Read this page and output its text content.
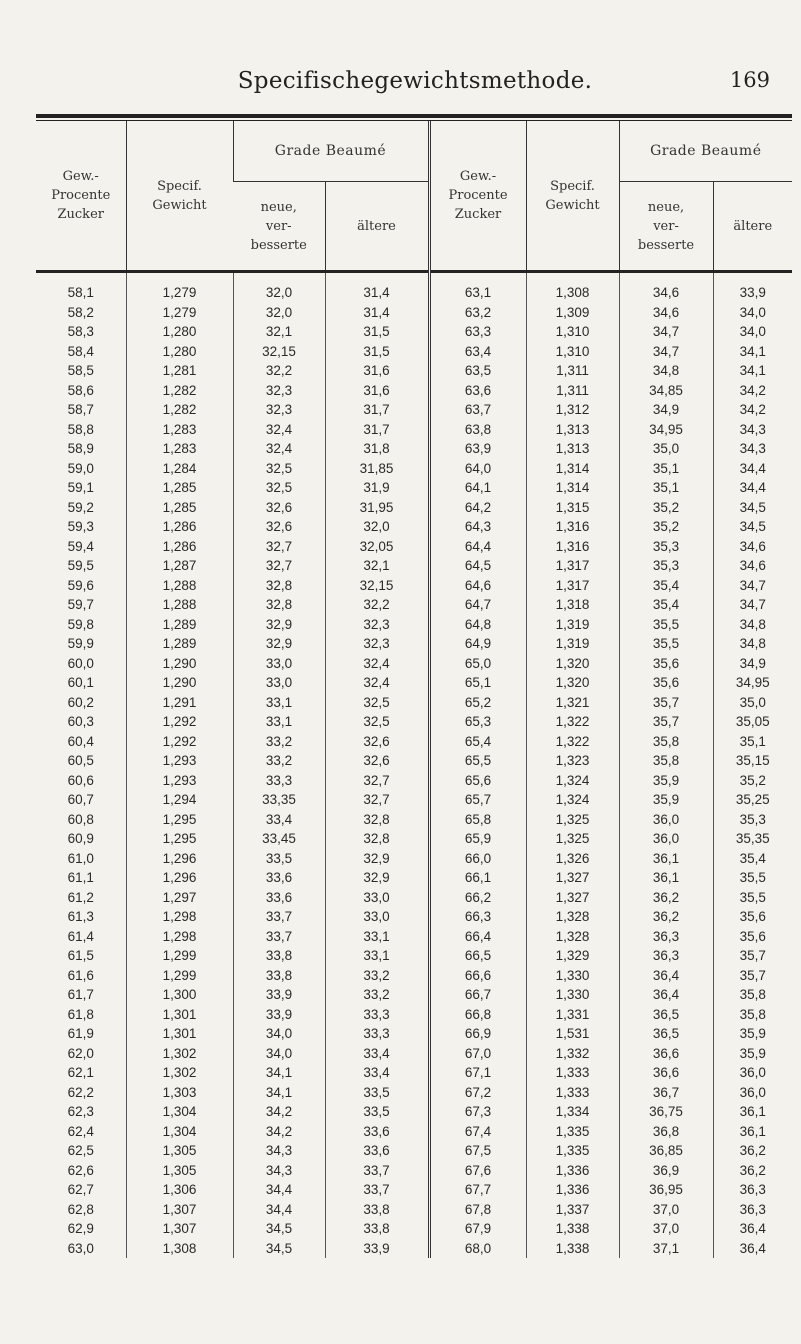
Specifischegewichtsmethode.	169
Gew.-
Procente
Zucker	Specif.
Gewicht	Grade Beaumé		Gew.-
Procente
Zucker	Specif.
Gewicht	Grade Beaumé	
		neue,
ver-
besserte	ältere			neue,
ver-
besserte	ältere

58,1	1,279	32,0	31,4	63,1	1,308	34,6	33,9
58,2	1,279	32,0	31,4	63,2	1,309	34,6	34,0
58,3	1,280	32,1	31,5	63,3	1,310	34,7	34,0
58,4	1,280	32,15	31,5	63,4	1,310	34,7	34,1
58,5	1,281	32,2	31,6	63,5	1,311	34,8	34,1
58,6	1,282	32,3	31,6	63,6	1,311	34,85	34,2
58,7	1,282	32,3	31,7	63,7	1,312	34,9	34,2
58,8	1,283	32,4	31,7	63,8	1,313	34,95	34,3
58,9	1,283	32,4	31,8	63,9	1,313	35,0	34,3
59,0	1,284	32,5	31,85	64,0	1,314	35,1	34,4
59,1	1,285	32,5	31,9	64,1	1,314	35,1	34,4
59,2	1,285	32,6	31,95	64,2	1,315	35,2	34,5
59,3	1,286	32,6	32,0	64,3	1,316	35,2	34,5
59,4	1,286	32,7	32,05	64,4	1,316	35,3	34,6
59,5	1,287	32,7	32,1	64,5	1,317	35,3	34,6
59,6	1,288	32,8	32,15	64,6	1,317	35,4	34,7
59,7	1,288	32,8	32,2	64,7	1,318	35,4	34,7
59,8	1,289	32,9	32,3	64,8	1,319	35,5	34,8
59,9	1,289	32,9	32,3	64,9	1,319	35,5	34,8
60,0	1,290	33,0	32,4	65,0	1,320	35,6	34,9
60,1	1,290	33,0	32,4	65,1	1,320	35,6	34,95
60,2	1,291	33,1	32,5	65,2	1,321	35,7	35,0
60,3	1,292	33,1	32,5	65,3	1,322	35,7	35,05
60,4	1,292	33,2	32,6	65,4	1,322	35,8	35,1
60,5	1,293	33,2	32,6	65,5	1,323	35,8	35,15
60,6	1,293	33,3	32,7	65,6	1,324	35,9	35,2
60,7	1,294	33,35	32,7	65,7	1,324	35,9	35,25
60,8	1,295	33,4	32,8	65,8	1,325	36,0	35,3
60,9	1,295	33,45	32,8	65,9	1,325	36,0	35,35
61,0	1,296	33,5	32,9	66,0	1,326	36,1	35,4
61,1	1,296	33,6	32,9	66,1	1,327	36,1	35,5
61,2	1,297	33,6	33,0	66,2	1,327	36,2	35,5
61,3	1,298	33,7	33,0	66,3	1,328	36,2	35,6
61,4	1,298	33,7	33,1	66,4	1,328	36,3	35,6
61,5	1,299	33,8	33,1	66,5	1,329	36,3	35,7
61,6	1,299	33,8	33,2	66,6	1,330	36,4	35,7
61,7	1,300	33,9	33,2	66,7	1,330	36,4	35,8
61,8	1,301	33,9	33,3	66,8	1,331	36,5	35,8
61,9	1,301	34,0	33,3	66,9	1,531	36,5	35,9
62,0	1,302	34,0	33,4	67,0	1,332	36,6	35,9
62,1	1,302	34,1	33,4	67,1	1,333	36,6	36,0
62,2	1,303	34,1	33,5	67,2	1,333	36,7	36,0
62,3	1,304	34,2	33,5	67,3	1,334	36,75	36,1
62,4	1,304	34,2	33,6	67,4	1,335	36,8	36,1
62,5	1,305	34,3	33,6	67,5	1,335	36,85	36,2
62,6	1,305	34,3	33,7	67,6	1,336	36,9	36,2
62,7	1,306	34,4	33,7	67,7	1,336	36,95	36,3
62,8	1,307	34,4	33,8	67,8	1,337	37,0	36,3
62,9	1,307	34,5	33,8	67,9	1,338	37,0	36,4
63,0	1,308	34,5	33,9	68,0	1,338	37,1	36,4
